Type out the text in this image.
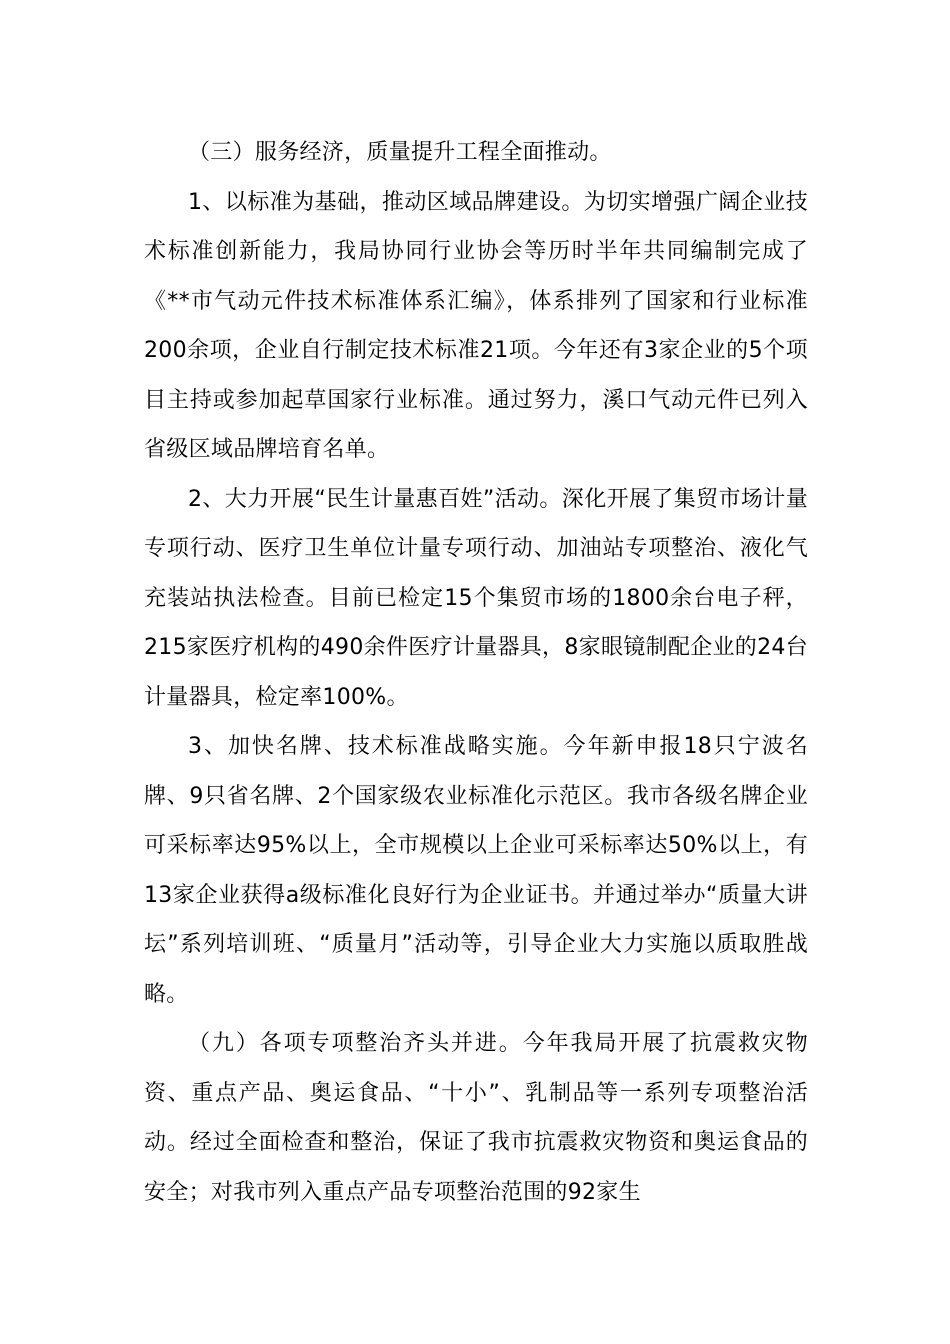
（三）服务经济，质量提升工程全面推动。

1、以标准为基础，推动区域品牌建设。为切实增强广阔企业技术标准创新能力，我局协同行业协会等历时半年共同编制完成了《**市气动元件技术标准体系汇编》，体系排列了国家和行业标准200余项，企业自行制定技术标准21项。今年还有3家企业的5个项目主持或参加起草国家行业标准。通过努力，溪口气动元件已列入省级区域品牌培育名单。

2、大力开展“民生计量惠百姓”活动。深化开展了集贸市场计量专项行动、医疗卫生单位计量专项行动、加油站专项整治、液化气充装站执法检查。目前已检定15个集贸市场的1800余台电子秤，215家医疗机构的490余件医疗计量器具，8家眼镜制配企业的24台计量器具，检定率100%。

3、加快名牌、技术标准战略实施。今年新申报18只宁波名牌、9只省名牌、2个国家级农业标准化示范区。我市各级名牌企业可采标率达95%以上，全市规模以上企业可采标率达50%以上，有13家企业获得a级标准化良好行为企业证书。并通过举办“质量大讲坛”系列培训班、“质量月”活动等，引导企业大力实施以质取胜战略。

（九）各项专项整治齐头并进。今年我局开展了抗震救灾物资、重点产品、奥运食品、“十小”、乳制品等一系列专项整治活动。经过全面检查和整治，保证了我市抗震救灾物资和奥运食品的安全；对我市列入重点产品专项整治范围的92家生
